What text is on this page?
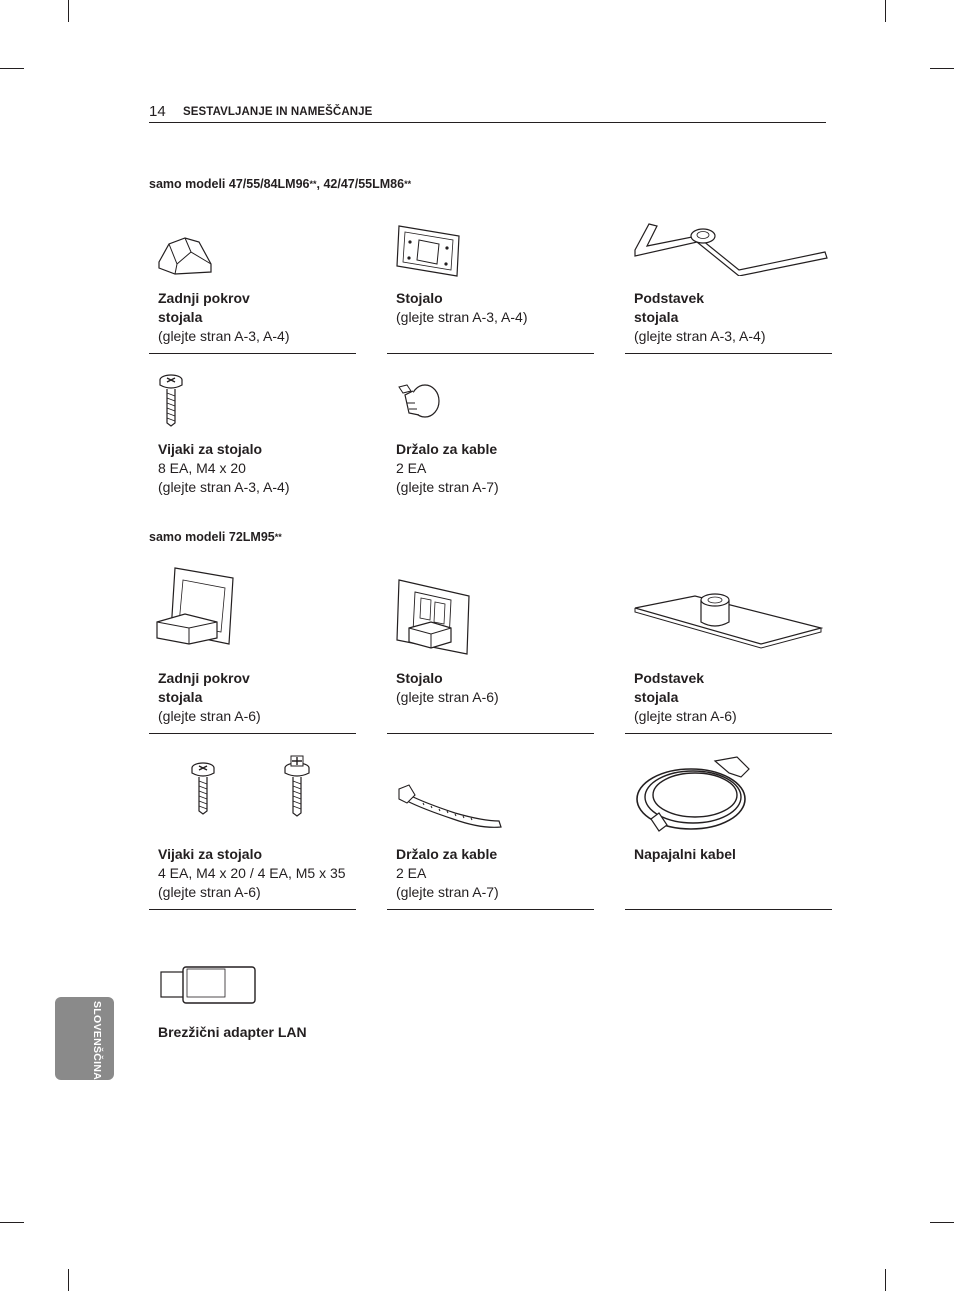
14 SESTAVLJANJE IN NAMEŠČANJE
samo modeli 47/55/84LM96**, 42/47/55LM86**
Zadnji pokrov
stojala
(glejte stran A-3, A-4)
Stojalo
(glejte stran A-3, A-4)
Podstavek
stojala
(glejte stran A-3, A-4)
Vijaki za stojalo
8 EA, M4 x 20
(glejte stran A-3, A-4)
Držalo za kable
2 EA
(glejte stran A-7)
samo modeli 72LM95**
Zadnji pokrov
stojala
(glejte stran A-6)
Stojalo
(glejte stran A-6)
Podstavek
stojala
(glejte stran A-6)
Vijaki za stojalo
4 EA, M4 x 20 / 4 EA, M5 x 35
(glejte stran A-6)
Držalo za kable
2 EA
(glejte stran A-7)
Napajalni kabel
Brezžični adapter LAN
SLOVENŠČINA
